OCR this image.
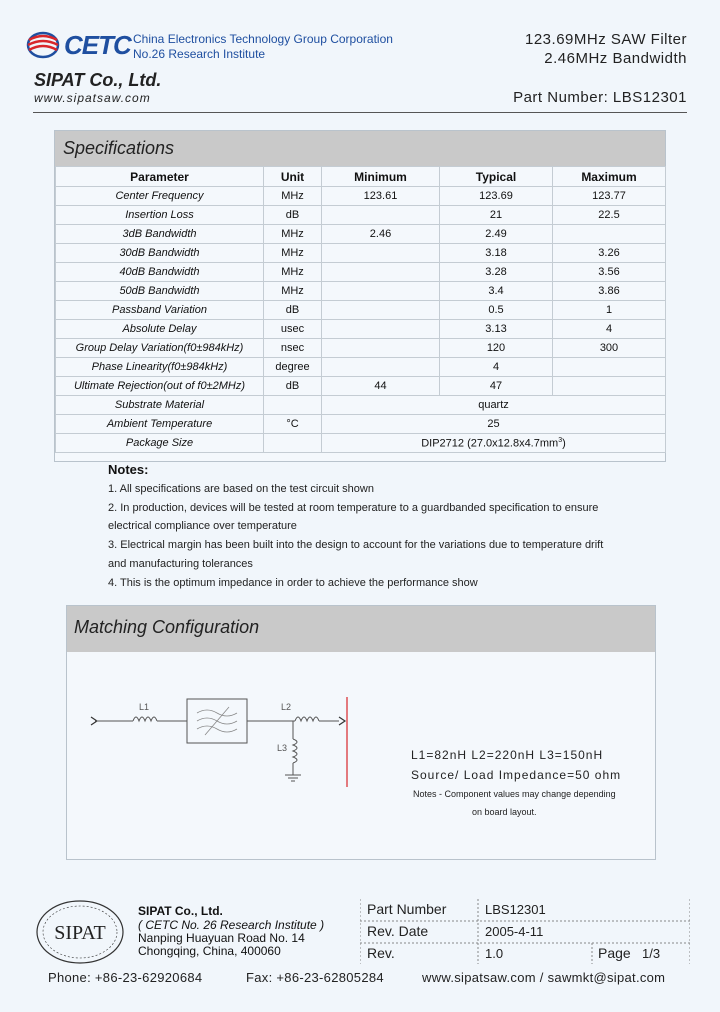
CETC China Electronics Technology Group Corporation
No.26 Research Institute
SIPAT Co., Ltd.
www.sipatsaw.com
123.69MHz SAW Filter
2.46MHz Bandwidth
Part Number: LBS12301
Specifications
Parameter	Unit	Minimum	Typical	Maximum
Center Frequency	MHz	123.61	123.69	123.77
Insertion Loss	dB		21	22.5
3dB Bandwidth	MHz	2.46	2.49	
30dB Bandwidth	MHz		3.18	3.26
40dB Bandwidth	MHz		3.28	3.56
50dB Bandwidth	MHz		3.4	3.86
Passband Variation	dB		0.5	1
Absolute Delay	usec		3.13	4
Group Delay Variation(f0±984kHz)	nsec		120	300
Phase Linearity(f0±984kHz)	degree		4	
Ultimate Rejection(out of f0±2MHz)	dB	44	47	
Substrate Material		quartz		
Ambient Temperature	°C	25		
Package Size		DIP2712 $(27.0x12.8x4.7mm^3)$		
Notes:
1. All specifications are based on the test circuit shown
2. In production, devices will be tested at room temperature to a guardbanded specification to ensure
electrical compliance over temperature
3. Electrical margin has been built into the design to account for the variations due to temperature drift
and manufacturing tolerances
4. This is the optimum impedance in order to achieve the performance show
Matching Configuration
L1	L2
L3	L1=82nH L2=220nH L3=150nH
Source/ Load Impedance=50 ohm
Notes - Component values may change depending
on board layout.
SIPAT
SIPAT Co., Ltd.
( CETC No. 26 Research Institute )
Nanping Huayuan Road No. 14
Chongqing, China, 400060
Part Number	LBS12301
Rev. Date	2005-4-11
Rev.	1.0	Page 1/3
Phone: +86-23-62920684	Fax: +86-23-62805284	www.sipatsaw.com / sawmkt@sipat.com
